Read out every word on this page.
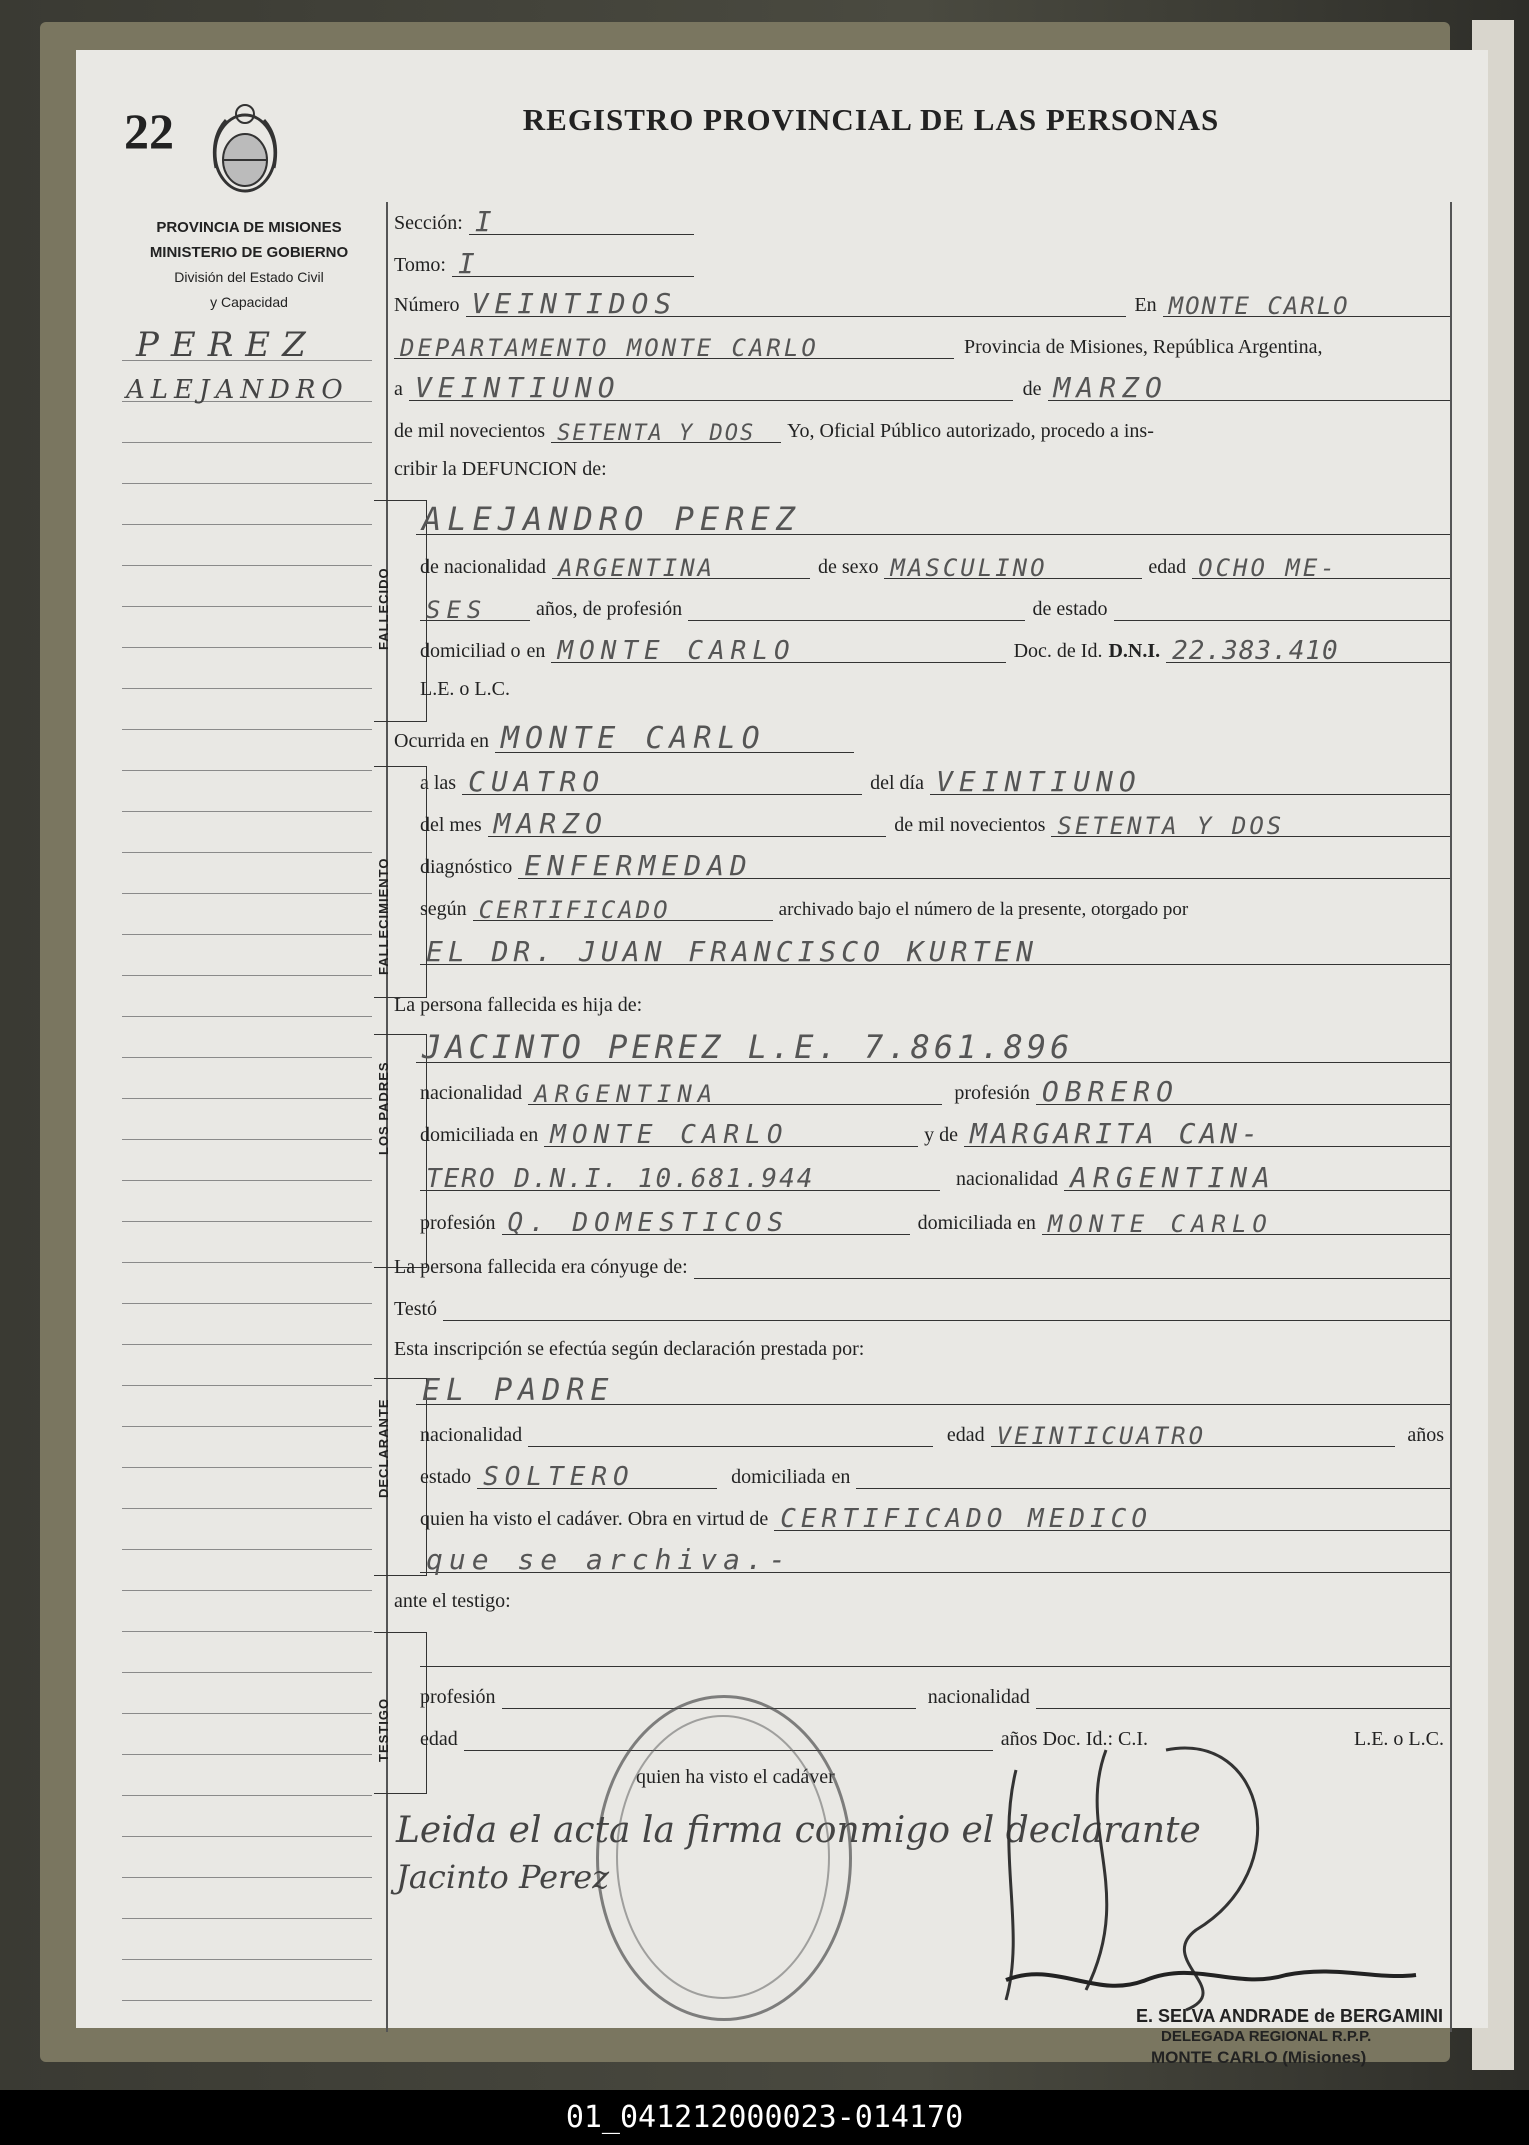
22	REGISTRO PROVINCIAL DE LAS PERSONAS
PROVINCIA DE MISIONES
MINISTERIO DE GOBIERNO
División del Estado Civil
y Capacidad
PEREZ
ALEJANDRO
Sección: I
Tomo: I
Número VEINTIDOS	En MONTE CARLO
DEPARTAMENTO MONTE CARLO	Provincia de Misiones, República Argentina,
a VEINTIUNO	de MARZO
de mil novecientos SETENTA Y DOS	Yo, Oficial Público autorizado, procedo a ins-
cribir la DEFUNCION de:
FALLECIDO
ALEJANDRO PEREZ
de nacionalidad ARGENTINA	de sexo MASCULINO	edad OCHO ME-
SES	años, de profesión	de estado
domiciliad o en MONTE CARLO	Doc. de Id. D.N.I. 22.383.410
L.E. o L.C.
Ocurrida en MONTE CARLO
FALLECIMIENTO
a las CUATRO	del día VEINTIUNO
del mes MARZO	de mil novecientos SETENTA Y DOS
diagnóstico ENFERMEDAD
según CERTIFICADO	archivado bajo el número de la presente, otorgado por
EL DR. JUAN FRANCISCO KURTEN
La persona fallecida es hija de:
LOS PADRES
JACINTO PEREZ L.E. 7.861.896
nacionalidad ARGENTINA	profesión OBRERO
domiciliada en MONTE CARLO	y de MARGARITA CAN-
TERO D.N.I. 10.681.944	nacionalidad ARGENTINA
profesión Q. DOMESTICOS	domiciliada en MONTE CARLO
La persona fallecida era cónyuge de:
Testó
Esta inscripción se efectúa según declaración prestada por:
DECLARANTE
EL PADRE
nacionalidad	edad VEINTICUATRO	años
estado SOLTERO	domiciliada en
quien ha visto el cadáver. Obra en virtud de CERTIFICADO MEDICO
que se archiva.-
ante el testigo:
TESTIGO
profesión	nacionalidad
edad	años Doc. Id.: C.I.	L.E. o L.C.
quien ha visto el cadáver
Leida el acta la firma conmigo el declarante
Jacinto Perez
E. SELVA ANDRADE de BERGAMINI
DELEGADA REGIONAL R.P.P.
MONTE CARLO (Misiones)
01_041212000023-014170
